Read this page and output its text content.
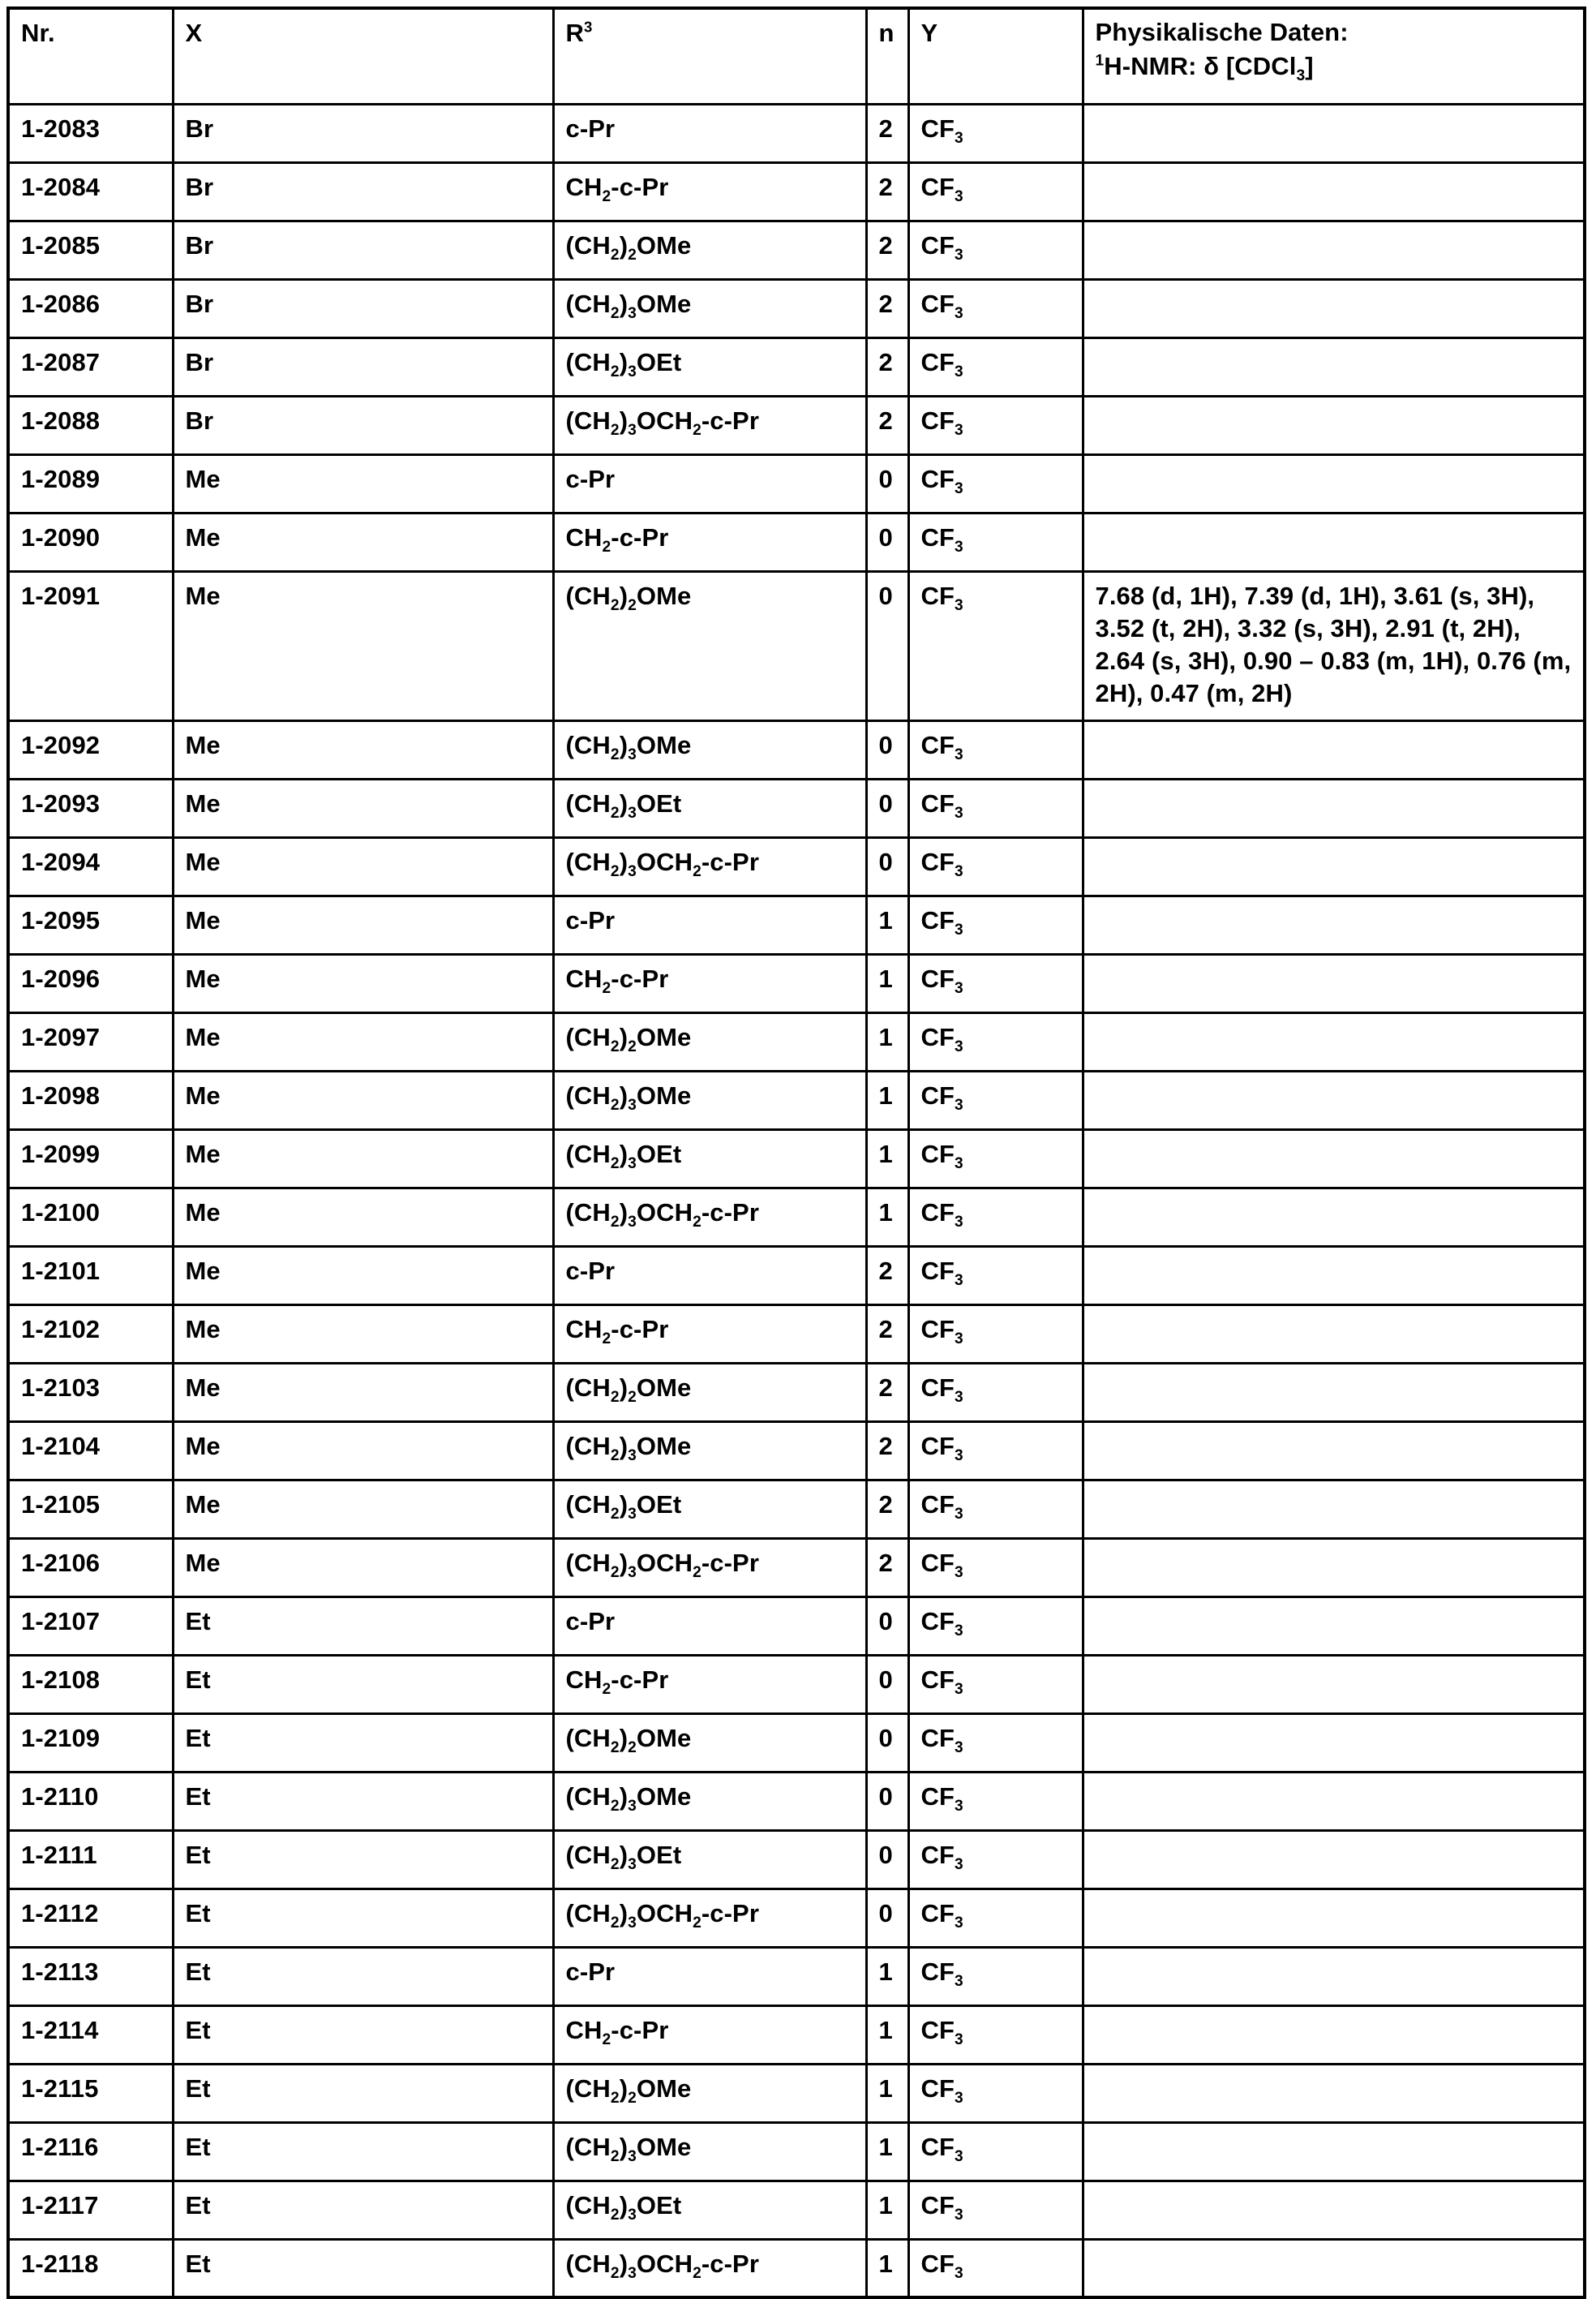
Nr.	X	$R^3$	n	Y	Physikalische Daten:
$^1$H-NMR: δ [CDCl$_3$]

1-2083	Br	c-Pr	2	$CF_3$	
1-2084	Br	$CH_2-c-Pr$	2	$CF_3$	
1-2085	Br	$(CH_2)_2OMe$	2	$CF_3$	
1-2086	Br	$(CH_2)_3OMe$	2	$CF_3$	
1-2087	Br	$(CH_2)_3OEt$	2	$CF_3$	
1-2088	Br	$(CH_2)_3OCH_2-c-Pr$	2	$CF_3$	
1-2089	Me	c-Pr	0	$CF_3$	
1-2090	Me	$CH_2-c-Pr$	0	$CF_3$	
1-2091	Me	$(CH_2)_2OMe$	0	$CF_3$	7.68 (d, 1H), 7.39 (d, 1H), 3.61 (s, 3H), 3.52 (t, 2H), 3.32 (s, 3H), 2.91 (t, 2H), 2.64 (s, 3H), 0.90 – 0.83 (m, 1H), 0.76 (m, 2H), 0.47 (m, 2H)
1-2092	Me	$(CH_2)_3OMe$	0	$CF_3$	
1-2093	Me	$(CH_2)_3OEt$	0	$CF_3$	
1-2094	Me	$(CH_2)_3OCH_2-c-Pr$	0	$CF_3$	
1-2095	Me	c-Pr	1	$CF_3$	
1-2096	Me	$CH_2-c-Pr$	1	$CF_3$	
1-2097	Me	$(CH_2)_2OMe$	1	$CF_3$	
1-2098	Me	$(CH_2)_3OMe$	1	$CF_3$	
1-2099	Me	$(CH_2)_3OEt$	1	$CF_3$	
1-2100	Me	$(CH_2)_3OCH_2-c-Pr$	1	$CF_3$	
1-2101	Me	c-Pr	2	$CF_3$	
1-2102	Me	$CH_2-c-Pr$	2	$CF_3$	
1-2103	Me	$(CH_2)_2OMe$	2	$CF_3$	
1-2104	Me	$(CH_2)_3OMe$	2	$CF_3$	
1-2105	Me	$(CH_2)_3OEt$	2	$CF_3$	
1-2106	Me	$(CH_2)_3OCH_2-c-Pr$	2	$CF_3$	
1-2107	Et	c-Pr	0	$CF_3$	
1-2108	Et	$CH_2-c-Pr$	0	$CF_3$	
1-2109	Et	$(CH_2)_2OMe$	0	$CF_3$	
1-2110	Et	$(CH_2)_3OMe$	0	$CF_3$	
1-2111	Et	$(CH_2)_3OEt$	0	$CF_3$	
1-2112	Et	$(CH_2)_3OCH_2-c-Pr$	0	$CF_3$	
1-2113	Et	c-Pr	1	$CF_3$	
1-2114	Et	$CH_2-c-Pr$	1	$CF_3$	
1-2115	Et	$(CH_2)_2OMe$	1	$CF_3$	
1-2116	Et	$(CH_2)_3OMe$	1	$CF_3$	
1-2117	Et	$(CH_2)_3OEt$	1	$CF_3$	
1-2118	Et	$(CH_2)_3OCH_2-c-Pr$	1	$CF_3$	
